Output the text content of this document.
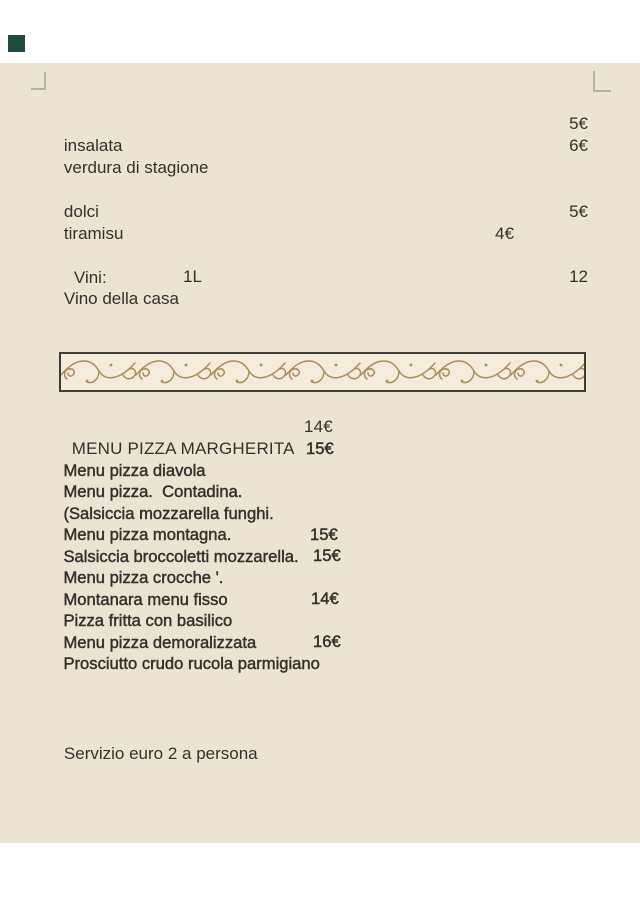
insalata

5€

verdura di stagione

6€

dolci

tiramisu

5€

4€

Vini:

Vino della casa

1L

	12

MENU PIZZA MARGHERITA

14€

Menu pizza diavola

15€

Menu pizza.  Contadina.

(Salsiccia mozzarella funghi.

Menu pizza montagna.

Salsiccia broccoletti mozzarella.

15€

Menu pizza crocche '.

15€

Montanara menu fisso

Pizza fritta con basilico

14€

Menu pizza demoralizzata

Prosciutto crudo rucola parmigiano

16€

Servizio euro 2 a persona
